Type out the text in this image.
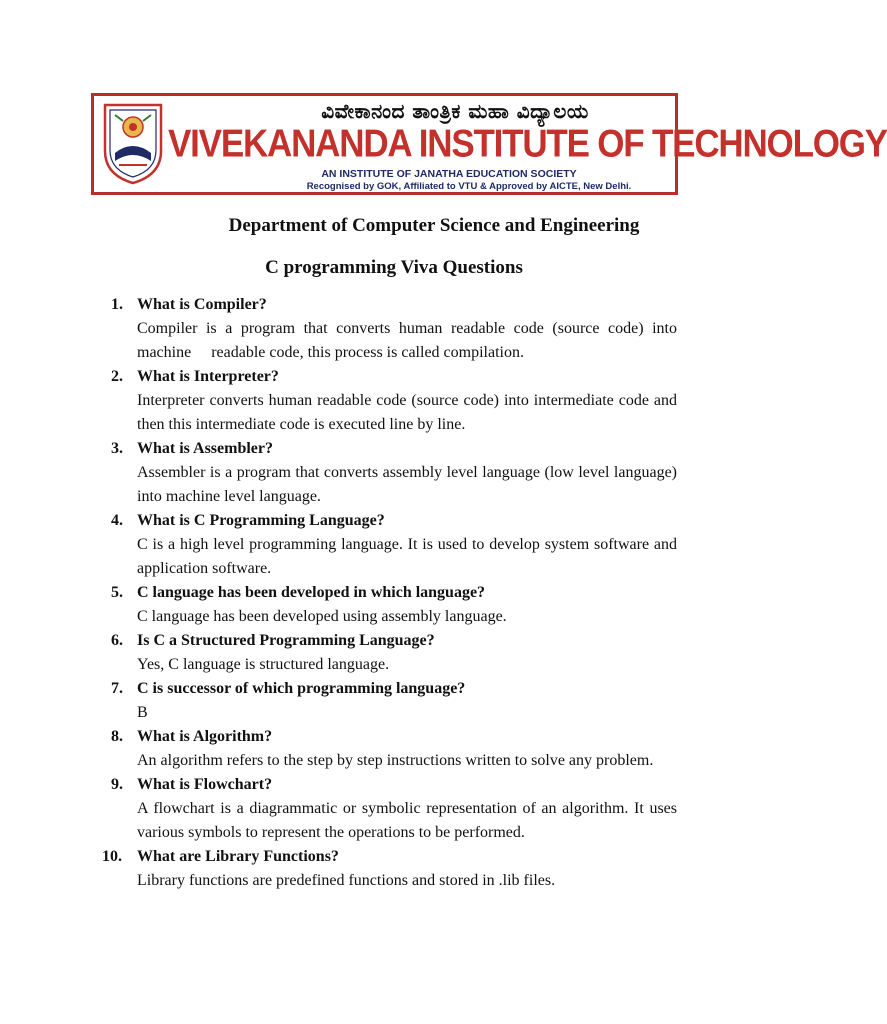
ವಿವೇಕಾನಂದ ತಾಂತ್ರಿಕ ಮಹಾ ವಿದ್ಯಾಲಯ
VIVEKANANDA INSTITUTE OF TECHNOLOGY
AN INSTITUTE OF JANATHA EDUCATION SOCIETY
Recognised by GOK, Affiliated to VTU & Approved by AICTE, New Delhi.
Department of Computer Science and Engineering
C programming Viva Questions
1. What is Compiler?
Compiler is a program that converts human readable code (source code) into machine     readable code, this process is called compilation.
2. What is Interpreter?
Interpreter converts human readable code (source code) into intermediate code and then this intermediate code is executed line by line.
3. What is Assembler?
Assembler is a program that converts assembly level language (low level language) into machine level language.
4. What is C Programming Language?
C is a high level programming language. It is used to develop system software and application software.
5. C language has been developed in which language?
C language has been developed using assembly language.
6. Is C a Structured Programming Language?
Yes, C language is structured language.
7. C is successor of which programming language?
B
8. What is Algorithm?
An algorithm refers to the step by step instructions written to solve any problem.
9. What is Flowchart?
A flowchart is a diagrammatic or symbolic representation of an algorithm. It uses various symbols to represent the operations to be performed.
10. What are Library Functions?
Library functions are predefined functions and stored in .lib files.
